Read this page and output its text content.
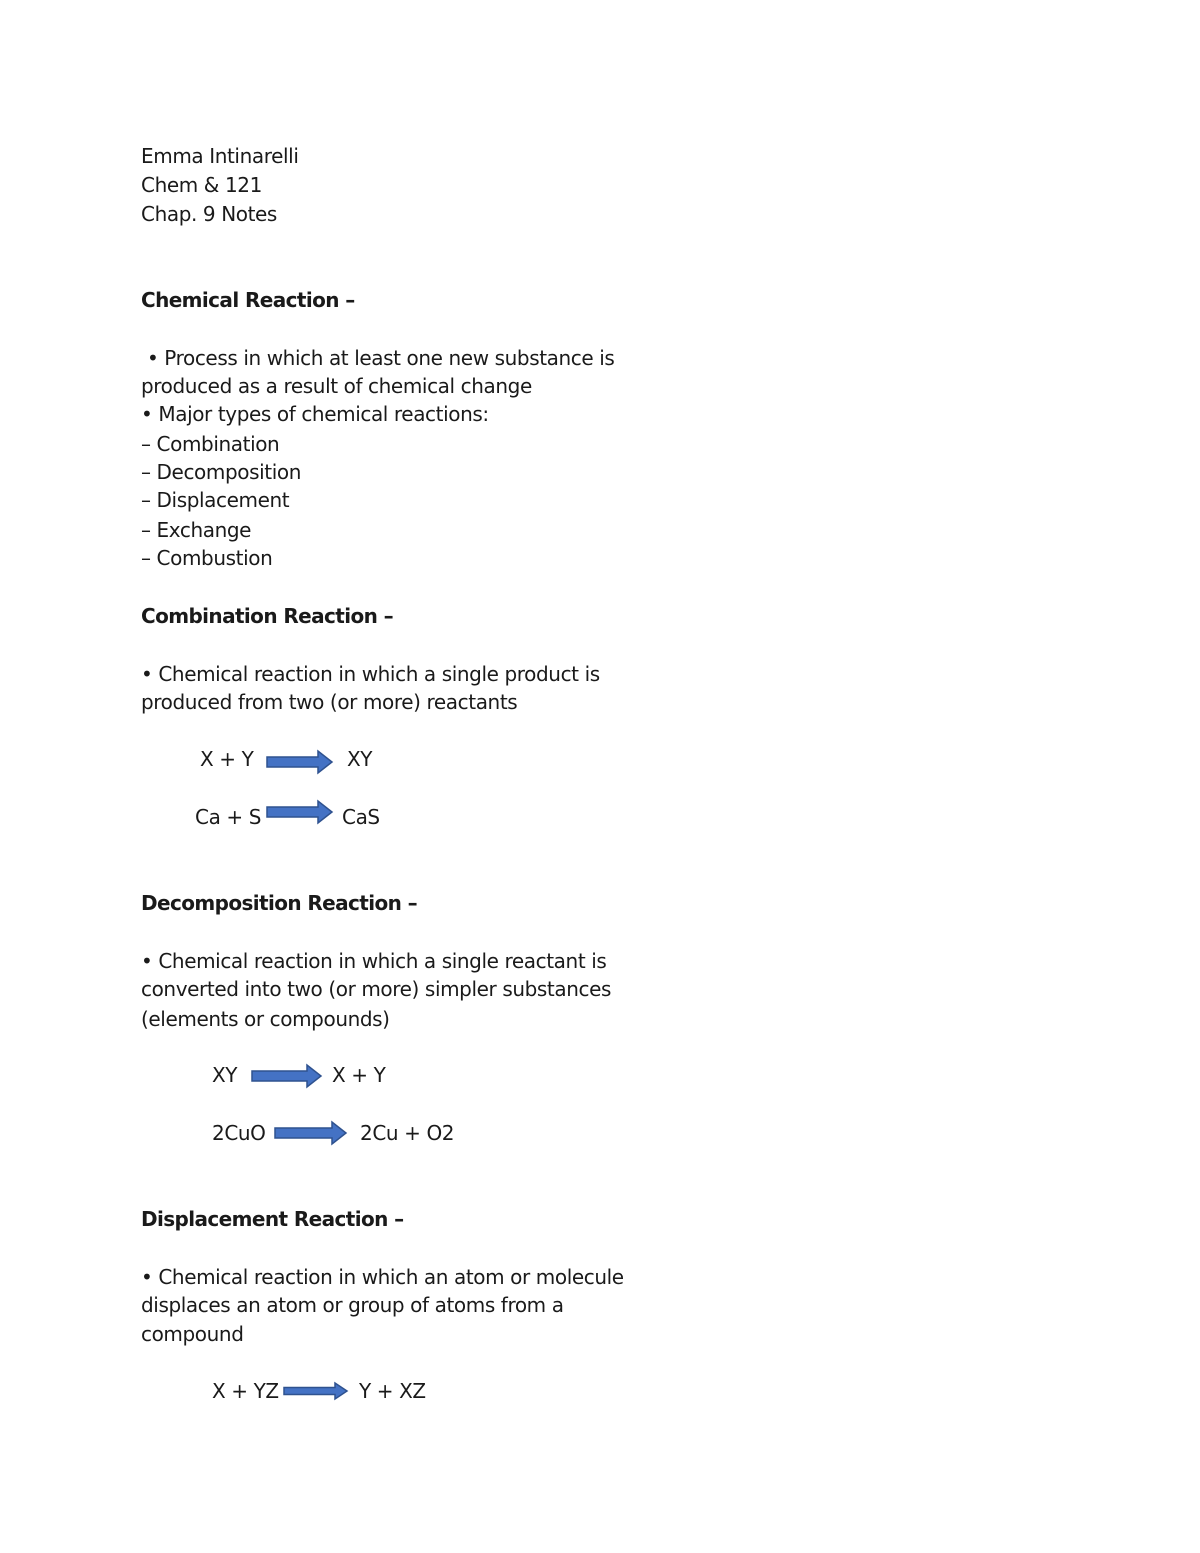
Emma Intinarelli
Chem & 121
Chap. 9 Notes
Chemical Reaction –
• Process in which at least one new substance is
produced as a result of chemical change
• Major types of chemical reactions:
– Combination
– Decomposition
– Displacement
– Exchange
– Combustion
Combination Reaction –
• Chemical reaction in which a single product is
produced from two (or more) reactants
X + Y	XY
Ca + S	CaS
Decomposition Reaction –
• Chemical reaction in which a single reactant is
converted into two (or more) simpler substances
(elements or compounds)
XY	X + Y
2CuO	2Cu + O2
Displacement Reaction –
• Chemical reaction in which an atom or molecule
displaces an atom or group of atoms from a
compound
X + YZ	Y + XZ
